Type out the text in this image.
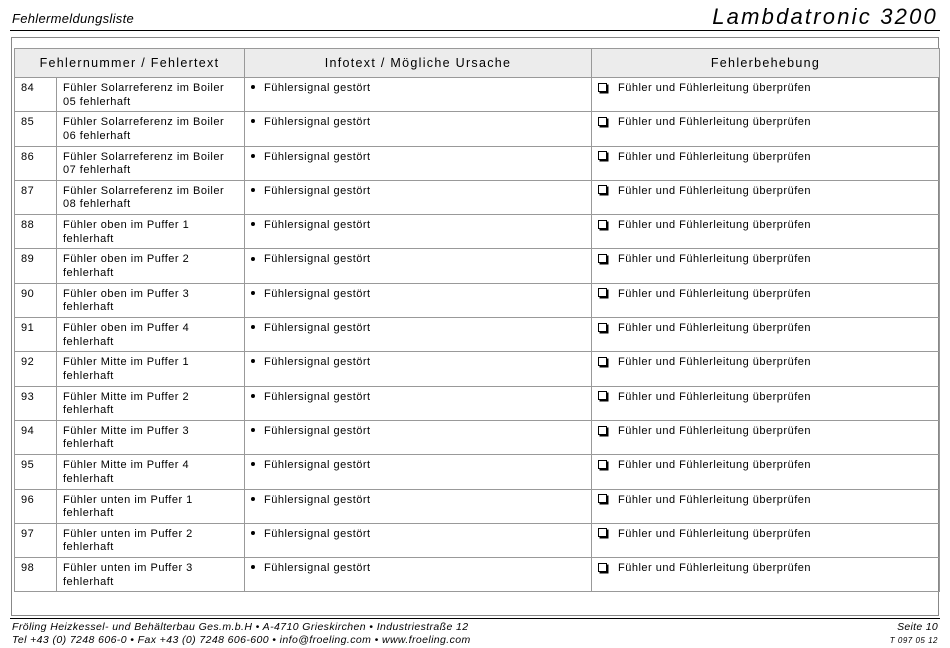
Fehlermeldungsliste	Lambdatronic 3200
Fehlernummer / Fehlertext		Infotext / Mögliche Ursache	Fehlerbehebung
84	Fühler Solarreferenz im Boiler 05 fehlerhaft	Fühlersignal gestört	Fühler und Fühlerleitung überprüfen
85	Fühler Solarreferenz im Boiler 06 fehlerhaft	Fühlersignal gestört	Fühler und Fühlerleitung überprüfen
86	Fühler Solarreferenz im Boiler 07 fehlerhaft	Fühlersignal gestört	Fühler und Fühlerleitung überprüfen
87	Fühler Solarreferenz im Boiler 08 fehlerhaft	Fühlersignal gestört	Fühler und Fühlerleitung überprüfen
88	Fühler oben im Puffer 1 fehlerhaft	Fühlersignal gestört	Fühler und Fühlerleitung überprüfen
89	Fühler oben im Puffer 2 fehlerhaft	Fühlersignal gestört	Fühler und Fühlerleitung überprüfen
90	Fühler oben im Puffer 3 fehlerhaft	Fühlersignal gestört	Fühler und Fühlerleitung überprüfen
91	Fühler oben im Puffer 4 fehlerhaft	Fühlersignal gestört	Fühler und Fühlerleitung überprüfen
92	Fühler Mitte im Puffer 1 fehlerhaft	Fühlersignal gestört	Fühler und Fühlerleitung überprüfen
93	Fühler Mitte im Puffer 2 fehlerhaft	Fühlersignal gestört	Fühler und Fühlerleitung überprüfen
94	Fühler Mitte im Puffer 3 fehlerhaft	Fühlersignal gestört	Fühler und Fühlerleitung überprüfen
95	Fühler Mitte im Puffer 4 fehlerhaft	Fühlersignal gestört	Fühler und Fühlerleitung überprüfen
96	Fühler unten im Puffer 1 fehlerhaft	Fühlersignal gestört	Fühler und Fühlerleitung überprüfen
97	Fühler unten im Puffer 2 fehlerhaft	Fühlersignal gestört	Fühler und Fühlerleitung überprüfen
98	Fühler unten im Puffer 3 fehlerhaft	Fühlersignal gestört	Fühler und Fühlerleitung überprüfen
Fröling Heizkessel- und Behälterbau Ges.m.b.H • A-4710 Grieskirchen • Industriestraße 12
Tel +43 (0) 7248 606-0 • Fax +43 (0) 7248 606-600 • info@froeling.com • www.froeling.com
Seite 10
T 097 05 12
